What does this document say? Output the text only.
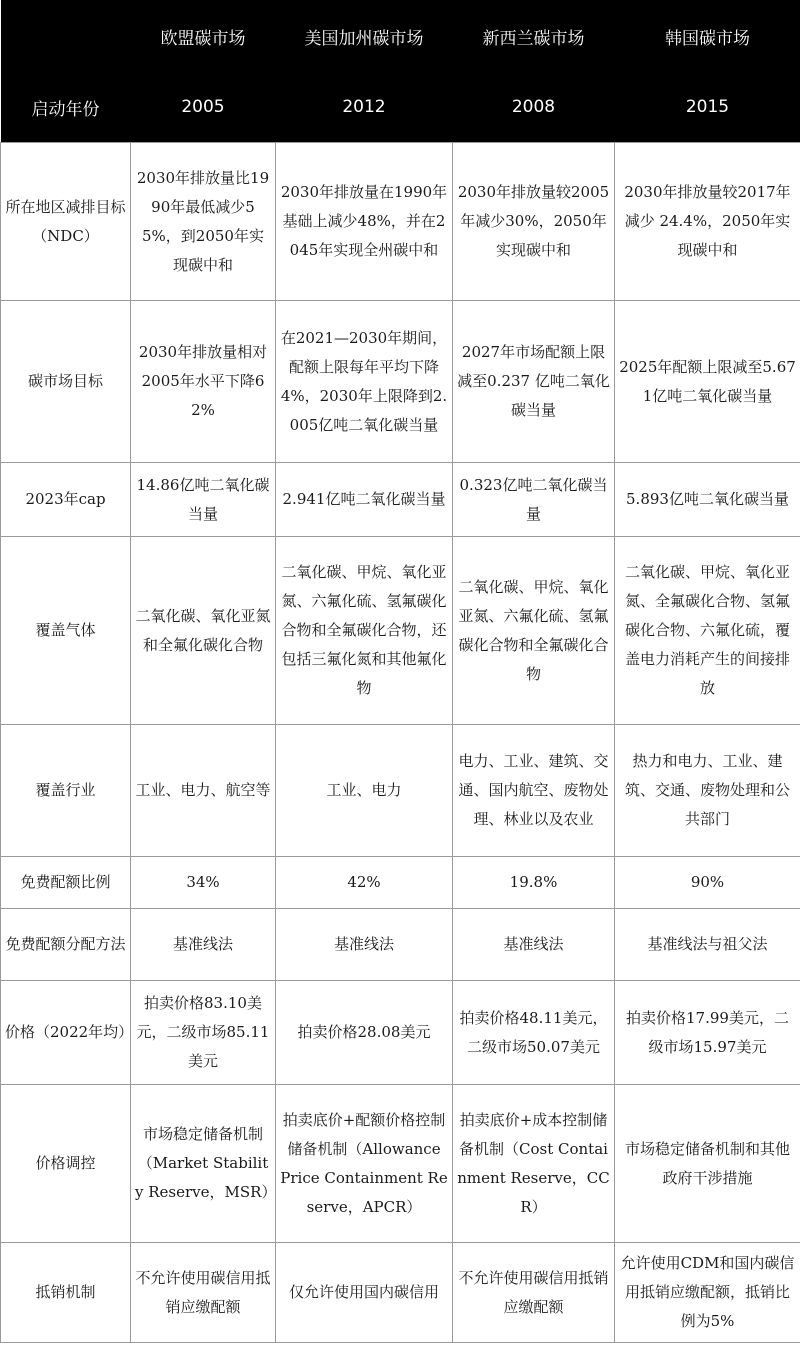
	欧盟碳市场	美国加州碳市场	新西兰碳市场	韩国碳市场
启动年份	2005	2012	2008	2015
所在地区减排目标（NDC）	2030年排放量比1990年最低减少55%，到2050年实现碳中和	2030年排放量在1990年基础上减少48%，并在2045年实现全州碳中和	2030年排放量较2005年减少30%，2050年实现碳中和	2030年排放量较2017年减少 24.4%，2050年实现碳中和
碳市场目标	2030年排放量相对2005年水平下降62%	在2021—2030年期间，配额上限每年平均下降4%，2030年上限降到2.005亿吨二氧化碳当量	2027年市场配额上限减至0.237 亿吨二氧化碳当量	2025年配额上限减至5.671亿吨二氧化碳当量
2023年cap	14.86亿吨二氧化碳当量	2.941亿吨二氧化碳当量	0.323亿吨二氧化碳当量	5.893亿吨二氧化碳当量
覆盖气体	二氧化碳、氧化亚氮和全氟化碳化合物	二氧化碳、甲烷、氧化亚氮、六氟化硫、氢氟碳化合物和全氟碳化合物，还包括三氟化氮和其他氟化物	二氧化碳、甲烷、氧化亚氮、六氟化硫、氢氟碳化合物和全氟碳化合物	二氧化碳、甲烷、氧化亚氮、全氟碳化合物、氢氟碳化合物、六氟化硫，覆盖电力消耗产生的间接排放
覆盖行业	工业、电力、航空等	工业、电力	电力、工业、建筑、交通、国内航空、废物处理、林业以及农业	热力和电力、工业、建筑、交通、废物处理和公共部门
免费配额比例	34%	42%	19.8%	90%
免费配额分配方法	基准线法	基准线法	基准线法	基准线法与祖父法
价格（2022年均）	拍卖价格83.10美元，二级市场85.11美元	拍卖价格28.08美元	拍卖价格48.11美元，二级市场50.07美元	拍卖价格17.99美元，二级市场15.97美元
价格调控	市场稳定储备机制（Market Stability Reserve，MSR）	拍卖底价+配额价格控制储备机制（Allowance Price Containment Reserve，APCR）	拍卖底价+成本控制储备机制（Cost Containment Reserve，CCR）	市场稳定储备机制和其他政府干涉措施
抵销机制	不允许使用碳信用抵销应缴配额	仅允许使用国内碳信用	不允许使用碳信用抵销应缴配额	允许使用CDM和国内碳信用抵销应缴配额，抵销比例为5%
